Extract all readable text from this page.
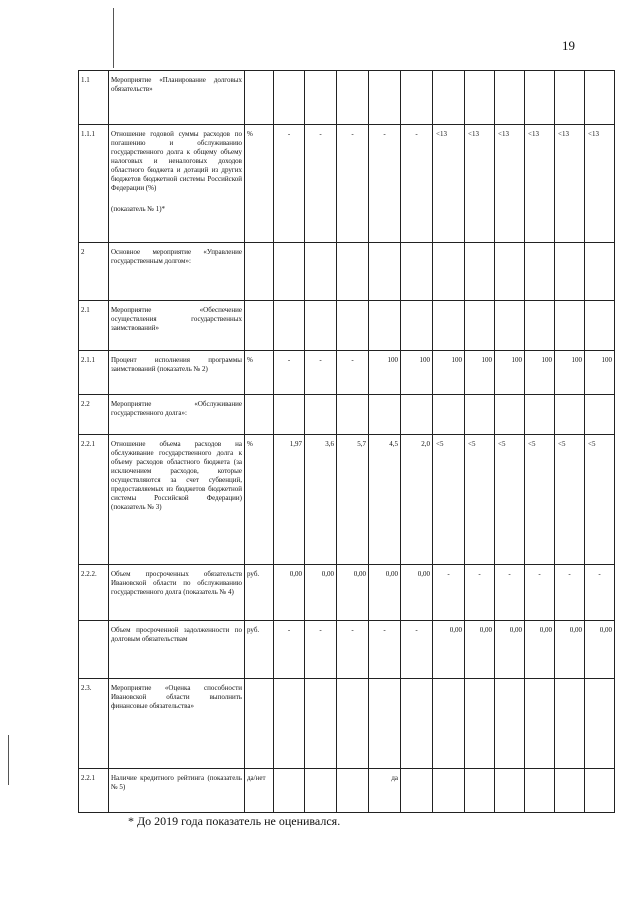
19
1.1	Мероприятие «Планирование долговых обязательств»												

1.1.1	Отношение годовой суммы расходов по погашению и обслуживанию государственного долга к общему объему налоговых и неналоговых доходов областного бюджета и дотаций из других бюджетов бюджетной системы Российской Федерации (%)
(показатель № 1)*	%	-	-	-	-	-	<13	<13	<13	<13	<13	<13
2	Основное мероприятие «Управление государственным долгом»:												

2.1	Мероприятие «Обеспечение осуществления государственных заимствований»												

2.1.1	Процент исполнения программы заимствований (показатель № 2)	%	-	-	-	100	100	100	100	100	100	100	100
2.2	Мероприятие «Обслуживание государственного долга»:												

2.2.1	Отношение объема расходов на обслуживание государственного долга к объему расходов областного бюджета (за исключением расходов, которые осуществляются за счет субвенций, предоставляемых из бюджетов бюджетной системы Российской Федерации) (показатель № 3)	%	1,97	3,6	5,7	4,5	2,0	<5	<5	<5	<5	<5	<5
2.2.2.	Объем просроченных обязательств Ивановской области по обслуживанию государственного долга (показатель № 4)	руб.	0,00	0,00	0,00	0,00	0,00	-	-	-	-	-	-

	Объем просроченной задолженности по долговым обязательствам	руб.	-	-	-	-	-	0,00	0,00	0,00	0,00	0,00	0,00
2.3.	Мероприятие «Оценка способности Ивановской области выполнить финансовые обязательства»												

2.2.1	Наличие кредитного рейтинга (показатель № 5)	да/нет				да							
* До 2019 года показатель не оценивался.
